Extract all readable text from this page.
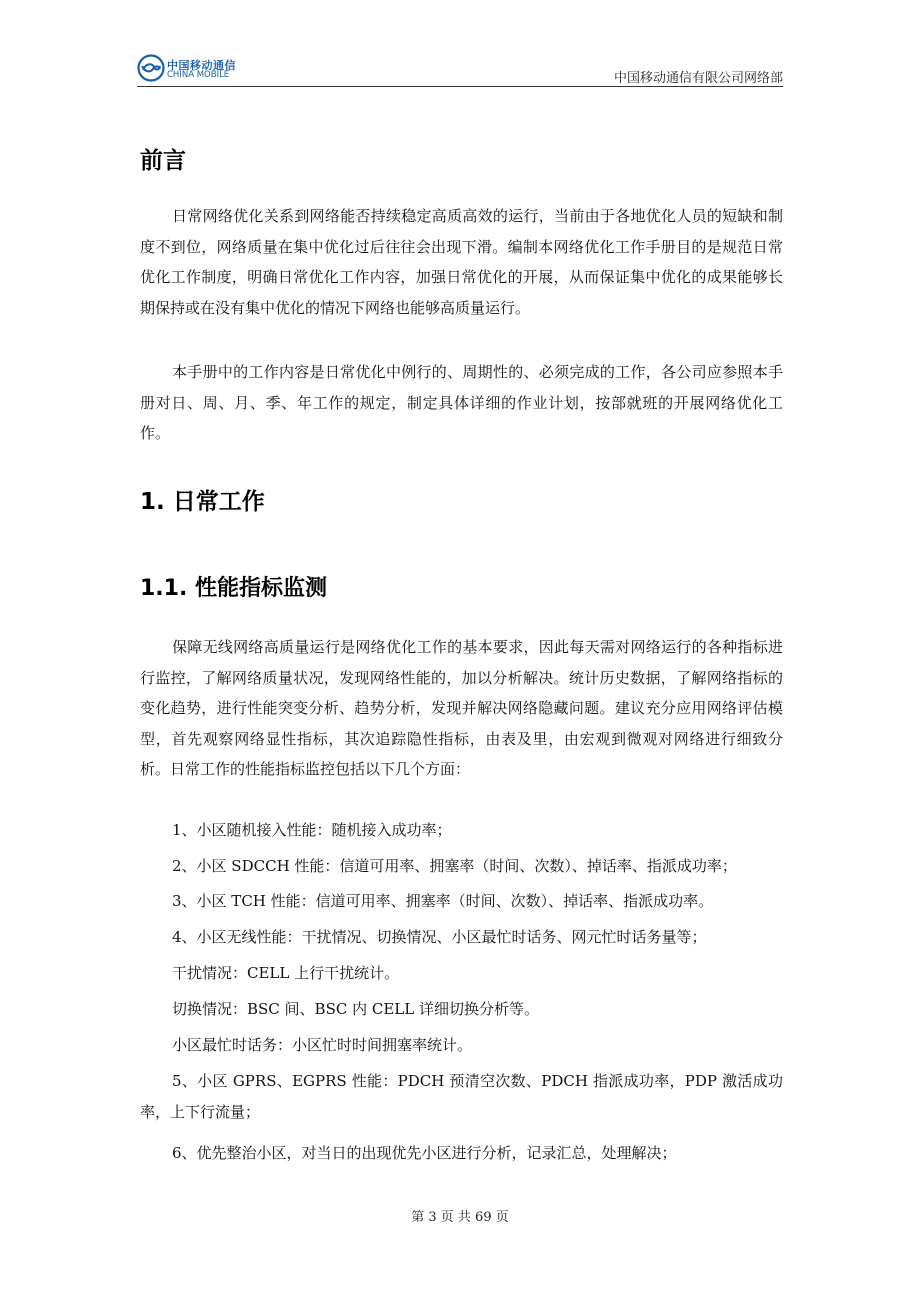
中国移动通信
CHINA MOBILE	中国移动通信有限公司网络部
前言

日常网络优化关系到网络能否持续稳定高质高效的运行，当前由于各地优化人员的短缺和制度不到位，网络质量在集中优化过后往往会出现下滑。编制本网络优化工作手册目的是规范日常优化工作制度，明确日常优化工作内容，加强日常优化的开展，从而保证集中优化的成果能够长期保持或在没有集中优化的情况下网络也能够高质量运行。

本手册中的工作内容是日常优化中例行的、周期性的、必须完成的工作，各公司应参照本手册对日、周、月、季、年工作的规定，制定具体详细的作业计划，按部就班的开展网络优化工作。

1. 日常工作
1.1. 性能指标监测

保障无线网络高质量运行是网络优化工作的基本要求，因此每天需对网络运行的各种指标进行监控，了解网络质量状况，发现网络性能的，加以分析解决。统计历史数据，了解网络指标的变化趋势，进行性能突变分析、趋势分析，发现并解决网络隐藏问题。建议充分应用网络评估模型，首先观察网络显性指标，其次追踪隐性指标，由表及里，由宏观到微观对网络进行细致分析。日常工作的性能指标监控包括以下几个方面：

1、小区随机接入性能：随机接入成功率；

2、小区 SDCCH 性能：信道可用率、拥塞率（时间、次数）、掉话率、指派成功率；

3、小区 TCH 性能：信道可用率、拥塞率（时间、次数）、掉话率、指派成功率。

4、小区无线性能：干扰情况、切换情况、小区最忙时话务、网元忙时话务量等；

干扰情况：CELL 上行干扰统计。

切换情况：BSC 间、BSC 内 CELL 详细切换分析等。

小区最忙时话务：小区忙时时间拥塞率统计。

5、小区 GPRS、EGPRS 性能：PDCH 预清空次数、PDCH 指派成功率，PDP 激活成功率，上下行流量；

6、优先整治小区，对当日的出现优先小区进行分析，记录汇总，处理解决；

第 3 页 共 69 页
